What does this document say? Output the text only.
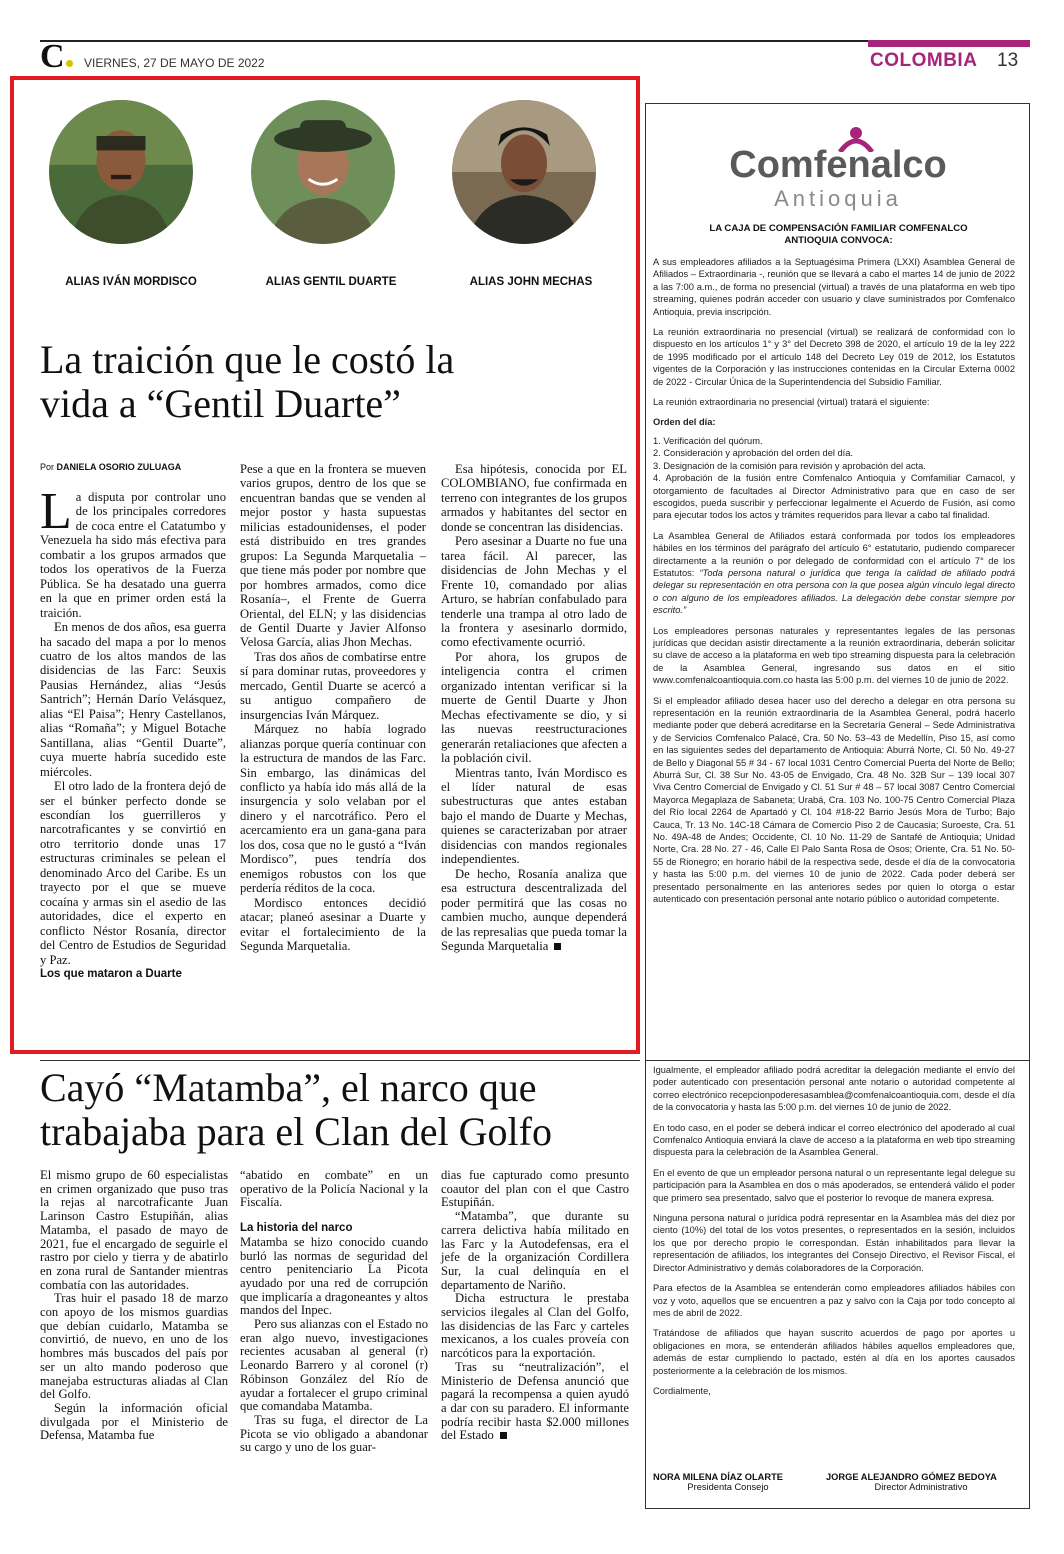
C	VIERNES, 27 DE MAYO DE 2022	COLOMBIA 13
ALIAS IVÁN MORDISCO	ALIAS GENTIL DUARTE	ALIAS JOHN MECHAS
La traición que le costó la
vida a “Gentil Duarte”
Por DANIELA OSORIO ZULUAGA

La disputa por controlar uno de los principales corredores de coca entre el Catatumbo y Venezuela ha sido más efectiva para combatir a los grupos armados que todos los operativos de la Fuerza Pública. Se ha desatado una guerra en la que en primer orden está la traición.

En menos de dos años, esa guerra ha sacado del mapa a por lo menos cuatro de los altos mandos de las disidencias de las Farc: Seuxis Pausias Hernández, alias “Jesús Santrich”; Hernán Darío Velásquez, alias “El Paisa”; Henry Castellanos, alias “Romaña”; y Miguel Botache Santillana, alias “Gentil Duarte”, cuya muerte habría sucedido este miércoles.

El otro lado de la frontera dejó de ser el búnker perfecto donde se escondían los guerrilleros y narcotraficantes y se convirtió en otro territorio donde unas 17 estructuras criminales se pelean el denominado Arco del Caribe. Es un trayecto por el que se mueve cocaína y armas sin el asedio de las autoridades, dice el experto en conflicto Néstor Rosanía, director del Centro de Estudios de Seguridad y Paz.

Los que mataron a Duarte

Pese a que en la frontera se mueven varios grupos, dentro de los que se encuentran bandas que se venden al mejor postor y hasta supuestas milicias estadounidenses, el poder está distribuido en tres grandes grupos: La Segunda Marquetalia –que tiene más poder por nombre que por hombres armados, como dice Rosanía–, el Frente de Guerra Oriental, del ELN; y las disidencias de Gentil Duarte y Javier Alfonso Velosa García, alias Jhon Mechas.

Tras dos años de combatirse entre sí para dominar rutas, proveedores y mercado, Gentil Duarte se acercó a su antiguo compañero de insurgencias Iván Márquez.

Márquez no había logrado alianzas porque quería continuar con la estructura de mandos de las Farc. Sin embargo, las dinámicas del conflicto ya había ido más allá de la insurgencia y solo velaban por el dinero y el narcotráfico. Pero el acercamiento era un gana-gana para los dos, cosa que no le gustó a “Iván Mordisco”, pues tendría dos enemigos robustos con los que perdería réditos de la coca.

Mordisco entonces decidió atacar; planeó asesinar a Duarte y evitar el fortalecimiento de la Segunda Marquetalia.

Esa hipótesis, conocida por EL COLOMBIANO, fue confirmada en terreno con integrantes de los grupos armados y habitantes del sector en donde se concentran las disidencias.

Pero asesinar a Duarte no fue una tarea fácil. Al parecer, las disidencias de John Mechas y el Frente 10, comandado por alias Arturo, se habrían confabulado para tenderle una trampa al otro lado de la frontera y asesinarlo dormido, como efectivamente ocurrió.

Por ahora, los grupos de inteligencia contra el crimen organizado intentan verificar si la muerte de Gentil Duarte y Jhon Mechas efectivamente se dio, y si las nuevas reestructuraciones generarán retaliaciones que afecten a la población civil.

Mientras tanto, Iván Mordisco es el líder natural de esas subestructuras que antes estaban bajo el mando de Duarte y Mechas, quienes se caracterizaban por atraer disidencias con mandos regionales independientes.

De hecho, Rosanía analiza que esa estructura descentralizada del poder permitirá que las cosas no cambien mucho, aunque dependerá de las represalias que pueda tomar la Segunda Marquetalia

Cayó “Matamba”, el narco que
trabajaba para el Clan del Golfo

El mismo grupo de 60 especialistas en crimen organizado que puso tras la rejas al narcotraficante Juan Larinson Castro Estupiñán, alias Matamba, el pasado de mayo de 2021, fue el encargado de seguirle el rastro por cielo y tierra y de abatirlo en zona rural de Santander mientras combatía con las autoridades.

Tras huir el pasado 18 de marzo con apoyo de los mismos guardias que debían cuidarlo, Matamba se convirtió, de nuevo, en uno de los hombres más buscados del país por ser un alto mando poderoso que manejaba estructuras aliadas al Clan del Golfo.

Según la información oficial divulgada por el Ministerio de Defensa, Matamba fue

“abatido en combate” en un operativo de la Policía Nacional y la Fiscalía.

La historia del narco

Matamba se hizo conocido cuando burló las normas de seguridad del centro penitenciario La Picota ayudado por una red de corrupción que implicaría a dragoneantes y altos mandos del Inpec.

Pero sus alianzas con el Estado no eran algo nuevo, investigaciones recientes acusaban al general (r) Leonardo Barrero y al coronel (r) Róbinson González del Río de ayudar a fortalecer el grupo criminal que comandaba Matamba.

Tras su fuga, el director de La Picota se vio obligado a abandonar su cargo y uno de los guar-

dias fue capturado como presunto coautor del plan con el que Castro Estupiñán.

“Matamba”, que durante su carrera delictiva había militado en las Farc y la Autodefensas, era el jefe de la organización Cordillera Sur, la cual delinquía en el departamento de Nariño.

Dicha estructura le prestaba servicios ilegales al Clan del Golfo, las disidencias de las Farc y carteles mexicanos, a los cuales proveía con narcóticos para la exportación.

Tras su “neutralización”, el Ministerio de Defensa anunció que pagará la recompensa a quien ayudó a dar con su paradero. El informante podría recibir hasta $2.000 millones del Estado

Comfenalco
Antioquia
LA CAJA DE COMPENSACIÓN FAMILIAR COMFENALCO
ANTIOQUIA CONVOCA:

A sus empleadores afiliados a la Septuagésima Primera (LXXI) Asamblea General de Afiliados – Extraordinaria -, reunión que se llevará a cabo el martes 14 de junio de 2022 a las 7:00 a.m., de forma no presencial (virtual) a través de una plataforma en web tipo streaming, quienes podrán acceder con usuario y clave suministrados por Comfenalco Antioquia, previa inscripción.

La reunión extraordinaria no presencial (virtual) se realizará de conformidad con lo dispuesto en los artículos 1° y 3° del Decreto 398 de 2020, el artículo 19 de la ley 222 de 1995 modificado por el artículo 148 del Decreto Ley 019 de 2012, los Estatutos vigentes de la Corporación y las instrucciones contenidas en la Circular Externa 0002 de 2022 - Circular Única de la Superintendencia del Subsidio Familiar.

La reunión extraordinaria no presencial (virtual) tratará el siguiente:

Orden del día:

1. Verificación del quórum.
2. Consideración y aprobación del orden del día.
3. Designación de la comisión para revisión y aprobación del acta.
4. Aprobación de la fusión entre Comfenalco Antioquia y Comfamiliar Camacol, y otorgamiento de facultades al Director Administrativo para que en caso de ser escogidos, pueda suscribir y perfeccionar legalmente el Acuerdo de Fusión, así como para ejecutar todos los actos y trámites requeridos para llevar a cabo tal finalidad.

La Asamblea General de Afiliados estará conformada por todos los empleadores hábiles en los términos del parágrafo del artículo 6° estatutario, pudiendo comparecer directamente a la reunión o por delegado de conformidad con el artículo 7° de los Estatutos: “Toda persona natural o jurídica que tenga la calidad de afiliado podrá delegar su representación en otra persona con la que posea algún vínculo legal directo o con alguno de los empleadores afiliados. La delegación debe constar siempre por escrito.”

Los empleadores personas naturales y representantes legales de las personas jurídicas que decidan asistir directamente a la reunión extraordinaria, deberán solicitar su clave de acceso a la plataforma en web tipo streaming dispuesta para la celebración de la Asamblea General, ingresando sus datos en el sitio www.comfenalcoantioquia.com.co hasta las 5:00 p.m. del viernes 10 de junio de 2022.

Si el empleador afiliado desea hacer uso del derecho a delegar en otra persona su representación en la reunión extraordinaria de la Asamblea General, podrá hacerlo mediante poder que deberá acreditarse en la Secretaría General – Sede Administrativa y de Servicios Comfenalco Palacé, Cra. 50 No. 53–43 de Medellín, Piso 15, así como en las siguientes sedes del departamento de Antioquia: Aburrá Norte, Cl. 50 No. 49-27 de Bello y Diagonal 55 # 34 - 67 local 1031 Centro Comercial Puerta del Norte de Bello; Aburrá Sur, Cl. 38 Sur No. 43-05 de Envigado, Cra. 48 No. 32B Sur – 139 local 307 Viva Centro Comercial de Envigado y Cl. 51 Sur # 48 – 57 local 3087 Centro Comercial Mayorca Megaplaza de Sabaneta; Urabá, Cra. 103 No. 100-75 Centro Comercial Plaza del Río local 2264 de Apartadó y Cl. 104 #18-22 Barrio Jesús Mora de Turbo; Bajo Cauca, Tr. 13 No. 14C-18 Cámara de Comercio Piso 2 de Caucasia; Suroeste, Cra. 51 No. 49A-48 de Andes; Occidente, Cl. 10 No. 11-29 de Santafé de Antioquia; Unidad Norte, Cra. 28 No. 27 - 46, Calle El Palo Santa Rosa de Osos; Oriente, Cra. 51 No. 50-55 de Rionegro; en horario hábil de la respectiva sede, desde el día de la convocatoria y hasta las 5:00 p.m. del viernes 10 de junio de 2022. Cada poder deberá ser presentado personalmente en las anteriores sedes por quien lo otorga o estar autenticado con presentación personal ante notario público o autoridad competente.

Igualmente, el empleador afiliado podrá acreditar la delegación mediante el envío del poder autenticado con presentación personal ante notario o autoridad competente al correo electrónico recepcionpoderesasamblea@comfenalcoantioquia.com, desde el día de la convocatoria y hasta las 5:00 p.m. del viernes 10 de junio de 2022.

En todo caso, en el poder se deberá indicar el correo electrónico del apoderado al cual Comfenalco Antioquia enviará la clave de acceso a la plataforma en web tipo streaming dispuesta para la celebración de la Asamblea General.

En el evento de que un empleador persona natural o un representante legal delegue su participación para la Asamblea en dos o más apoderados, se entenderá válido el poder que primero sea presentado, salvo que el posterior lo revoque de manera expresa.

Ninguna persona natural o jurídica podrá representar en la Asamblea más del diez por ciento (10%) del total de los votos presentes, o representados en la sesión, incluidos los que por derecho propio le correspondan. Están inhabilitados para llevar la representación de afiliados, los integrantes del Consejo Directivo, el Revisor Fiscal, el Director Administrativo y demás colaboradores de la Corporación.

Para efectos de la Asamblea se entenderán como empleadores afiliados hábiles con voz y voto, aquellos que se encuentren a paz y salvo con la Caja por todo concepto al mes de abril de 2022.

Tratándose de afiliados que hayan suscrito acuerdos de pago por aportes u obligaciones en mora, se entenderán afiliados hábiles aquellos empleadores que, además de estar cumpliendo lo pactado, estén al día en los aportes causados posteriormente a la celebración de los mismos.

Cordialmente,

NORA MILENA DÍAZ OLARTE
Presidenta Consejo
JORGE ALEJANDRO GÓMEZ BEDOYA
Director Administrativo
